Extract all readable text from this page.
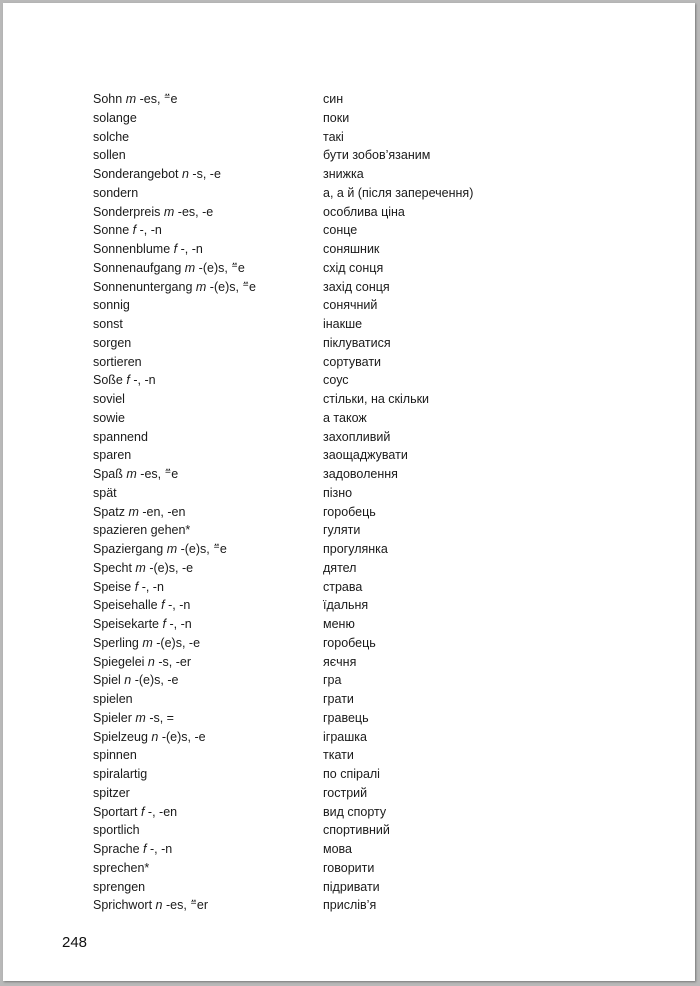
Sohn m -es, ⁼̈e	син
solange	поки
solche	такі
sollen	бути зобов’язаним
Sonderangebot n -s, -e	знижка
sondern	а, а й (після заперечення)
Sonderpreis m -es, -e	особлива ціна
Sonne f -, -n	сонце
Sonnenblume f -, -n	соняшник
Sonnenaufgang m -(e)s, ⁼̈e	схід сонця
Sonnenuntergang m -(e)s, ⁼̈e	захід сонця
sonnig	сонячний
sonst	інакше
sorgen	піклуватися
sortieren	сортувати
Soße f -, -n	соус
soviel	стільки, на скільки
sowie	а також
spannend	захопливий
sparen	заощаджувати
Spaß m -es, ⁼̈e	задоволення
spät	пізно
Spatz m -en, -en	горобець
spazieren gehen*	гуляти
Spaziergang m -(e)s, ⁼̈e	прогулянка
Specht m -(e)s, -e	дятел
Speise f -, -n	страва
Speisehalle f -, -n	їдальня
Speisekarte f -, -n	меню
Sperling m -(e)s, -e	горобець
Spiegelei n -s, -er	яєчня
Spiel n -(e)s, -e	гра
spielen	грати
Spieler m -s, =	гравець
Spielzeug n -(e)s, -e	іграшка
spinnen	ткати
spiralartig	по спіралі
spitzer	гострий
Sportart f -, -en	вид спорту
sportlich	спортивний
Sprache f -, -n	мова
sprechen*	говорити
sprengen	підривати
Sprichwort n -es, ⁼̈er	прислів’я
248
